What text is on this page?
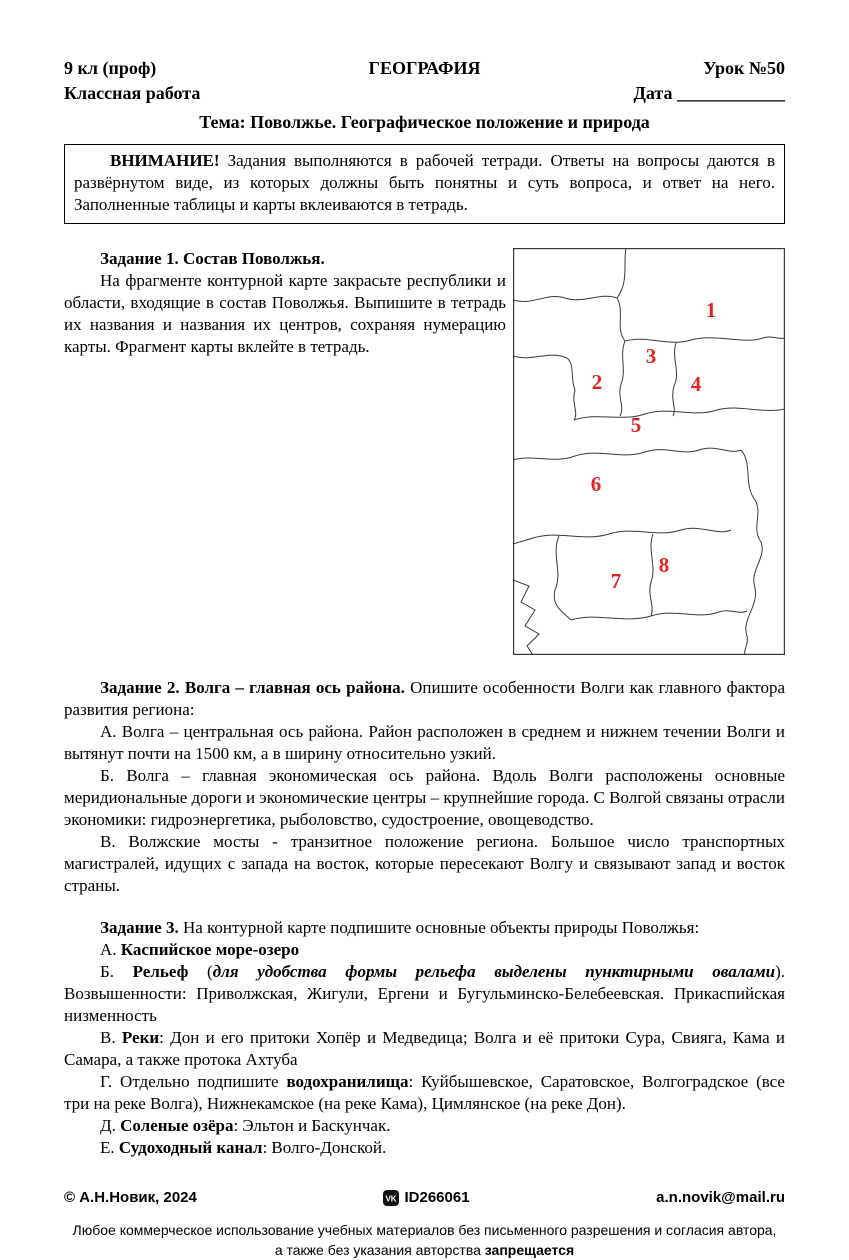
9 кл (проф)	ГЕОГРАФИЯ	Урок №50
Классная работа	Дата ____________
Тема: Поволжье. Географическое положение и природа
ВНИМАНИЕ! Задания выполняются в рабочей тетради. Ответы на вопросы даются в развёрнутом виде, из которых должны быть понятны и суть вопроса, и ответ на него. Заполненные таблицы и карты вклеиваются в тетрадь.

Задание 1. Состав Поволжья.

На фрагменте контурной карте закрасьте республики и области, входящие в состав Поволжья. Выпишите в тетрадь их названия и названия их центров, сохраняя нумерацию карты. Фрагмент карты вклейте в тетрадь.

1
2
3
4
5
6
7
8

Задание 2. Волга – главная ось района. Опишите особенности Волги как главного фактора развития региона:

А. Волга – центральная ось района. Район расположен в среднем и нижнем течении Волги и вытянут почти на 1500 км, а в ширину относительно узкий.

Б. Волга – главная экономическая ось района. Вдоль Волги расположены основные меридиональные дороги и экономические центры – крупнейшие города. С Волгой связаны отрасли экономики: гидроэнергетика, рыболовство, судостроение, овощеводство.

В. Волжские мосты - транзитное положение региона. Большое число транспортных магистралей, идущих с запада на восток, которые пересекают Волгу и связывают запад и восток страны.

Задание 3. На контурной карте подпишите основные объекты природы Поволжья:

А. Каспийское море-озеро

Б. Рельеф (для удобства формы рельефа выделены пунктирными овалами). Возвышенности: Приволжская, Жигули, Ергени и Бугульминско-Белебеевская. Прикаспийская низменность

В. Реки: Дон и его притоки Хопёр и Медведица; Волга и её притоки Сура, Свияга, Кама и Самара, а также протока Ахтуба

Г. Отдельно подпишите водохранилища: Куйбышевское, Саратовское, Волгоградское (все три на реке Волга), Нижнекамское (на реке Кама), Цимлянское (на реке Дон).

Д. Соленые озёра: Эльтон и Баскунчак.

Е. Судоходный канал: Волго-Донской.

© А.Н.Новик, 2024	VK ID266061	a.n.novik@mail.ru
Любое коммерческое использование учебных материалов без письменного разрешения и согласия автора, а также без указания авторства запрещается
